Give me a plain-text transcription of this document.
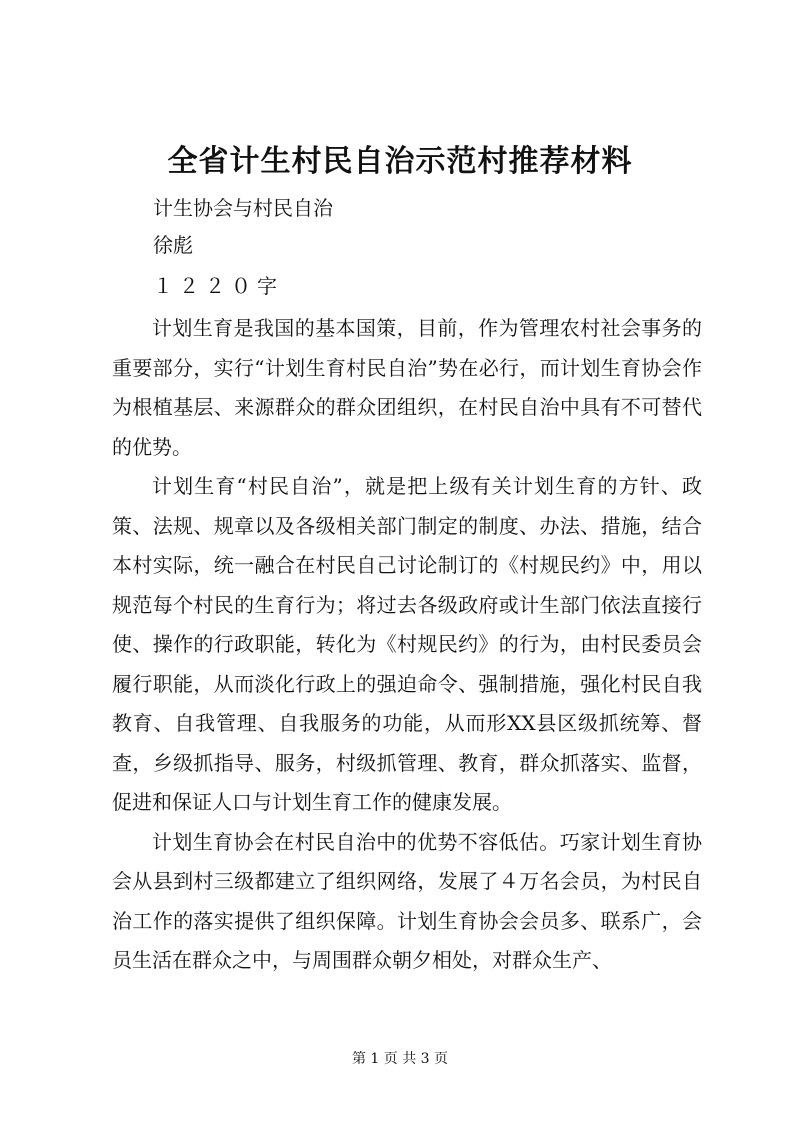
全省计生村民自治示范村推荐材料
计生协会与村民自治
徐彪
１２２０字

计划生育是我国的基本国策，目前，作为管理农村社会事务的重要部分，实行“计划生育村民自治”势在必行，而计划生育协会作为根植基层、来源群众的群众团组织，在村民自治中具有不可替代的优势。

计划生育“村民自治”，就是把上级有关计划生育的方针、政策、法规、规章以及各级相关部门制定的制度、办法、措施，结合本村实际，统一融合在村民自己讨论制订的《村规民约》中，用以规范每个村民的生育行为；将过去各级政府或计生部门依法直接行使、操作的行政职能，转化为《村规民约》的行为，由村民委员会履行职能，从而淡化行政上的强迫命令、强制措施，强化村民自我教育、自我管理、自我服务的功能，从而形XX县区级抓统筹、督查，乡级抓指导、服务，村级抓管理、教育，群众抓落实、监督，促进和保证人口与计划生育工作的健康发展。

计划生育协会在村民自治中的优势不容低估。巧家计划生育协会从县到村三级都建立了组织网络，发展了４万名会员，为村民自治工作的落实提供了组织保障。计划生育协会会员多、联系广，会员生活在群众之中，与周围群众朝夕相处，对群众生产、

第 1 页 共 3 页
